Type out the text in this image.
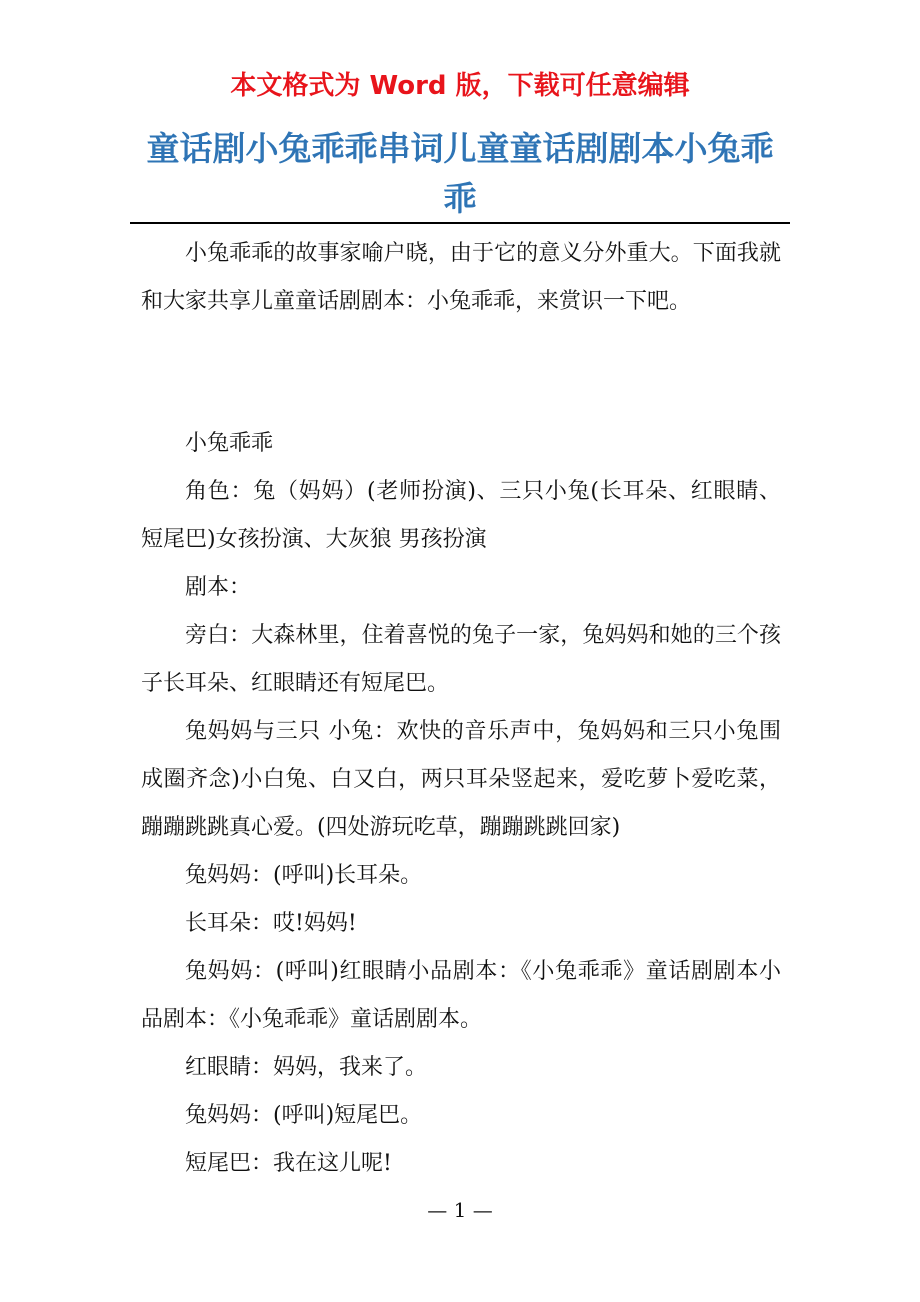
本文格式为 Word 版，下载可任意编辑
童话剧小兔乖乖串词儿童童话剧剧本小兔乖乖

小兔乖乖的故事家喻户晓，由于它的意义分外重大。下面我就和大家共享儿童童话剧剧本：小兔乖乖，来赏识一下吧。

小兔乖乖

角色：兔（妈妈）(老师扮演)、三只小兔(长耳朵、红眼睛、短尾巴)女孩扮演、大灰狼 男孩扮演

剧本：

旁白：大森林里，住着喜悦的兔子一家，兔妈妈和她的三个孩子长耳朵、红眼睛还有短尾巴。

兔妈妈与三只 小兔：欢快的音乐声中，兔妈妈和三只小兔围成圈齐念)小白兔、白又白，两只耳朵竖起来，爱吃萝卜爱吃菜，蹦蹦跳跳真心爱。(四处游玩吃草，蹦蹦跳跳回家)

兔妈妈：(呼叫)长耳朵。

长耳朵：哎!妈妈!

兔妈妈：(呼叫)红眼睛小品剧本：《小兔乖乖》童话剧剧本小品剧本：《小兔乖乖》童话剧剧本。

红眼睛：妈妈，我来了。

兔妈妈：(呼叫)短尾巴。

短尾巴：我在这儿呢!

— 1 —
